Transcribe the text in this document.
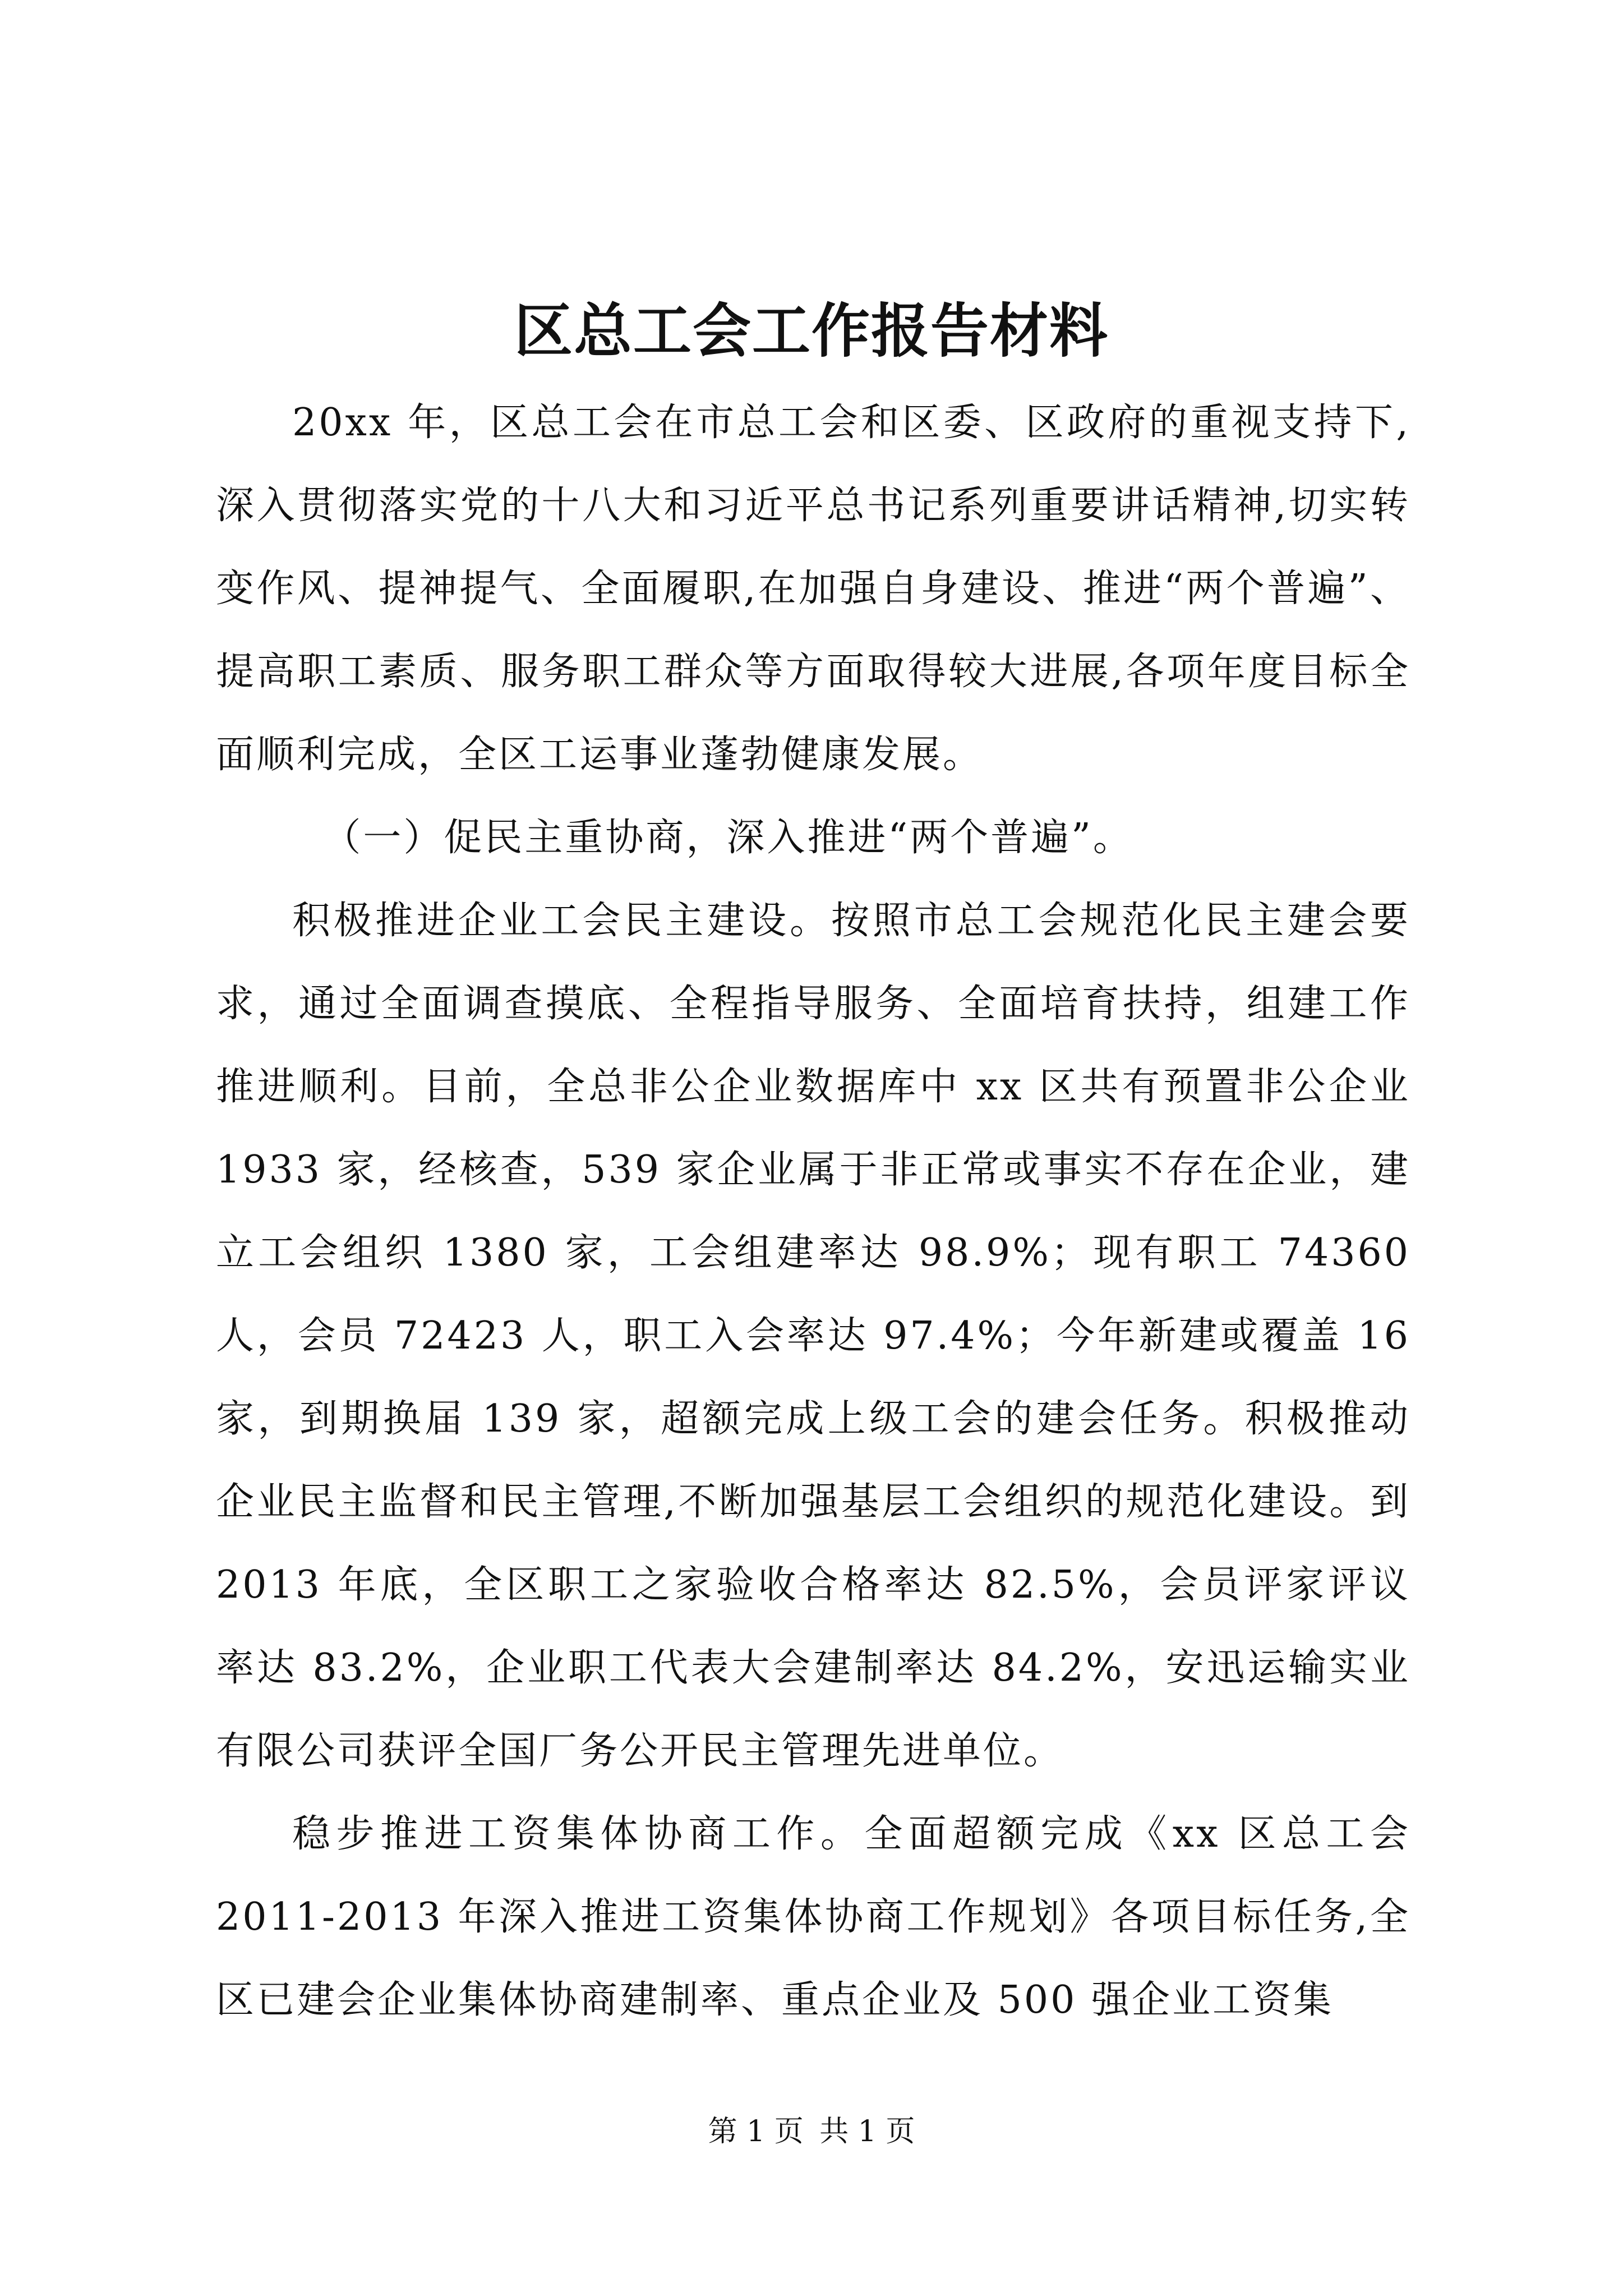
区总工会工作报告材料

20xx 年，区总工会在市总工会和区委、区政府的重视支持下,深入贯彻落实党的十八大和习近平总书记系列重要讲话精神,切实转变作风、提神提气、全面履职,在加强自身建设、推进“两个普遍”、提高职工素质、服务职工群众等方面取得较大进展,各项年度目标全面顺利完成，全区工运事业蓬勃健康发展。

（一）促民主重协商，深入推进“两个普遍”。

积极推进企业工会民主建设。按照市总工会规范化民主建会要求，通过全面调查摸底、全程指导服务、全面培育扶持，组建工作推进顺利。目前，全总非公企业数据库中 xx 区共有预置非公企业 1933 家，经核查，539 家企业属于非正常或事实不存在企业，建立工会组织 1380 家，工会组建率达 98.9%；现有职工 74360 人，会员 72423 人，职工入会率达 97.4%；今年新建或覆盖 16 家，到期换届 139 家，超额完成上级工会的建会任务。积极推动企业民主监督和民主管理,不断加强基层工会组织的规范化建设。到 2013 年底，全区职工之家验收合格率达 82.5%，会员评家评议率达 83.2%，企业职工代表大会建制率达 84.2%，安迅运输实业有限公司获评全国厂务公开民主管理先进单位。

稳步推进工资集体协商工作。全面超额完成《xx 区总工会 2011-2013 年深入推进工资集体协商工作规划》各项目标任务,全区已建会企业集体协商建制率、重点企业及 500 强企业工资集

第 1 页 共 1 页
